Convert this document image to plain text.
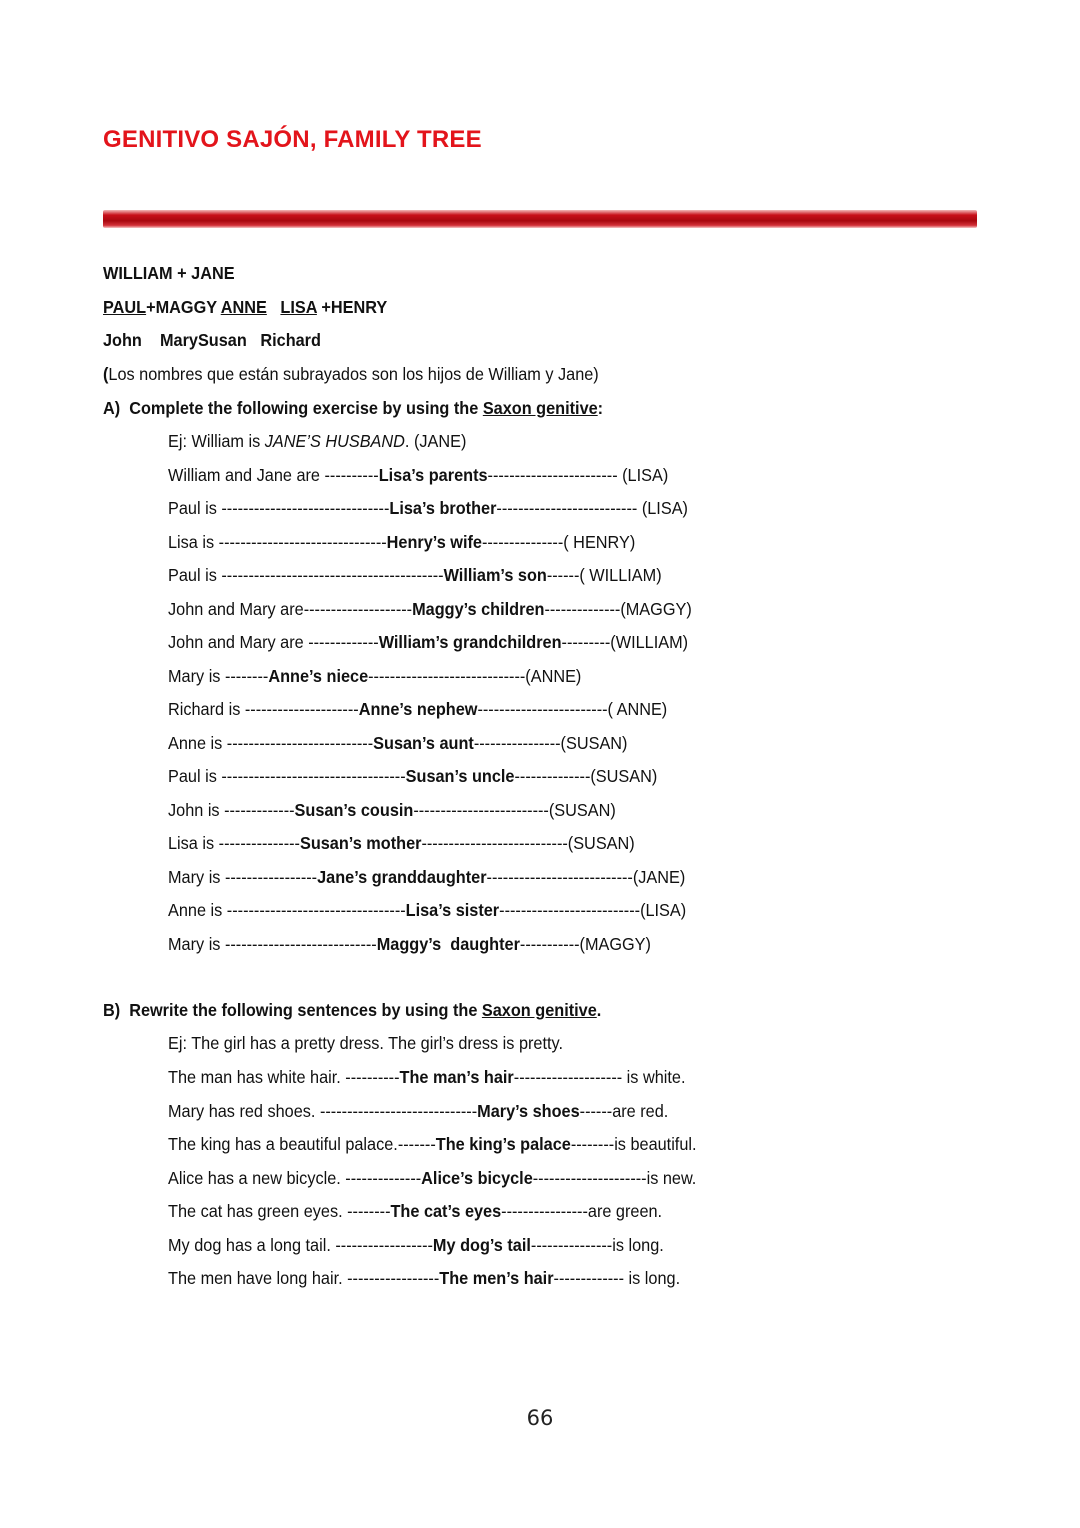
GENITIVO SAJÓN, FAMILY TREE
WILLIAM + JANE
PAUL+MAGGY ANNE LISA +HENRY
John    MarySusan   Richard
(Los nombres que están subrayados son los hijos de William y Jane)
A)  Complete the following exercise by using the Saxon genitive:
Ej: William is JANE’S HUSBAND. (JANE)
William and Jane are ----------Lisa’s parents------------------------ (LISA)
Paul is -------------------------------Lisa’s brother-------------------------- (LISA)
Lisa is -------------------------------Henry’s wife---------------( HENRY)
Paul is -----------------------------------------William’s son------( WILLIAM)
John and Mary are--------------------Maggy’s children--------------(MAGGY)
John and Mary are -------------William’s grandchildren---------(WILLIAM)
Mary is --------Anne’s niece-----------------------------(ANNE)
Richard is ---------------------Anne’s nephew------------------------( ANNE)
Anne is ---------------------------Susan’s aunt----------------(SUSAN)
Paul is ----------------------------------Susan’s uncle--------------(SUSAN)
John is -------------Susan’s cousin-------------------------(SUSAN)
Lisa is ---------------Susan’s mother---------------------------(SUSAN)
Mary is -----------------Jane’s granddaughter---------------------------(JANE)
Anne is ---------------------------------Lisa’s sister--------------------------(LISA)
Mary is ----------------------------Maggy’s  daughter-----------(MAGGY)
B)  Rewrite the following sentences by using the Saxon genitive.
Ej: The girl has a pretty dress. The girl’s dress is pretty.
The man has white hair. ----------The man’s hair-------------------- is white.
Mary has red shoes. -----------------------------Mary’s shoes------are red.
The king has a beautiful palace.-------The king’s palace--------is beautiful.
Alice has a new bicycle. --------------Alice’s bicycle---------------------is new.
The cat has green eyes. --------The cat’s eyes----------------are green.
My dog has a long tail. ------------------My dog’s tail---------------is long.
The men have long hair. -----------------The men’s hair------------- is long.
66
